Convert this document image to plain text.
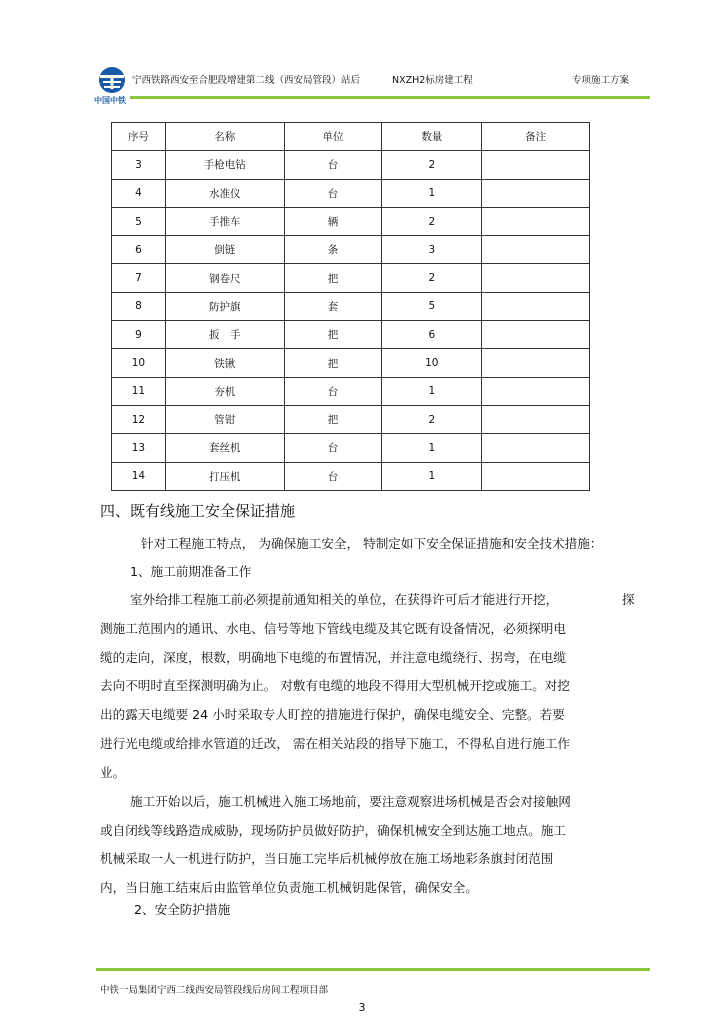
中国中铁
宁西铁路西安至合肥段增建第二线（西安局管段）站后	NXZH2标房建工程	专项施工方案
序号	名称	单位	数量	备注
3	手枪电钻	台	2	
4	水准仪	台	1	
5	手推车	辆	2	
6	倒链	条	3	
7	钢卷尺	把	2	
8	防护旗	套	5	
9	扳　手	把	6	
10	铁锹	把	10	
11	夯机	台	1	
12	管钳	把	2	
13	套丝机	台	1	
14	打压机	台	1	
四、既有线施工安全保证措施
针对工程施工特点， 为确保施工安全， 特制定如下安全保证措施和安全技术措施：
1、施工前期准备工作
室外给排工程施工前必须提前通知相关的单位，在获得许可后才能进行开挖，	探
测施工范围内的通讯、水电、信号等地下管线电缆及其它既有设备情况，必须探明电
缆的走向，深度，根数，明确地下电缆的布置情况，并注意电缆绕行、拐弯，在电缆
去向不明时直至探测明确为止。 对敷有电缆的地段不得用大型机械开挖或施工。对挖
出的露天电缆要 24 小时采取专人盯控的措施进行保护，确保电缆安全、完整。若要
进行光电缆或给排水管道的迁改， 需在相关站段的指导下施工，不得私自进行施工作
业。
施工开始以后，施工机械进入施工场地前，要注意观察进场机械是否会对接触网
或自闭线等线路造成威胁，现场防护员做好防护，确保机械安全到达施工地点。施工
机械采取一人一机进行防护，当日施工完毕后机械停放在施工场地彩条旗封闭范围
内，当日施工结束后由监管单位负责施工机械钥匙保管，确保安全。
2、安全防护措施
中铁一局集团宁西二线西安局管段线后房间工程项目部
3
